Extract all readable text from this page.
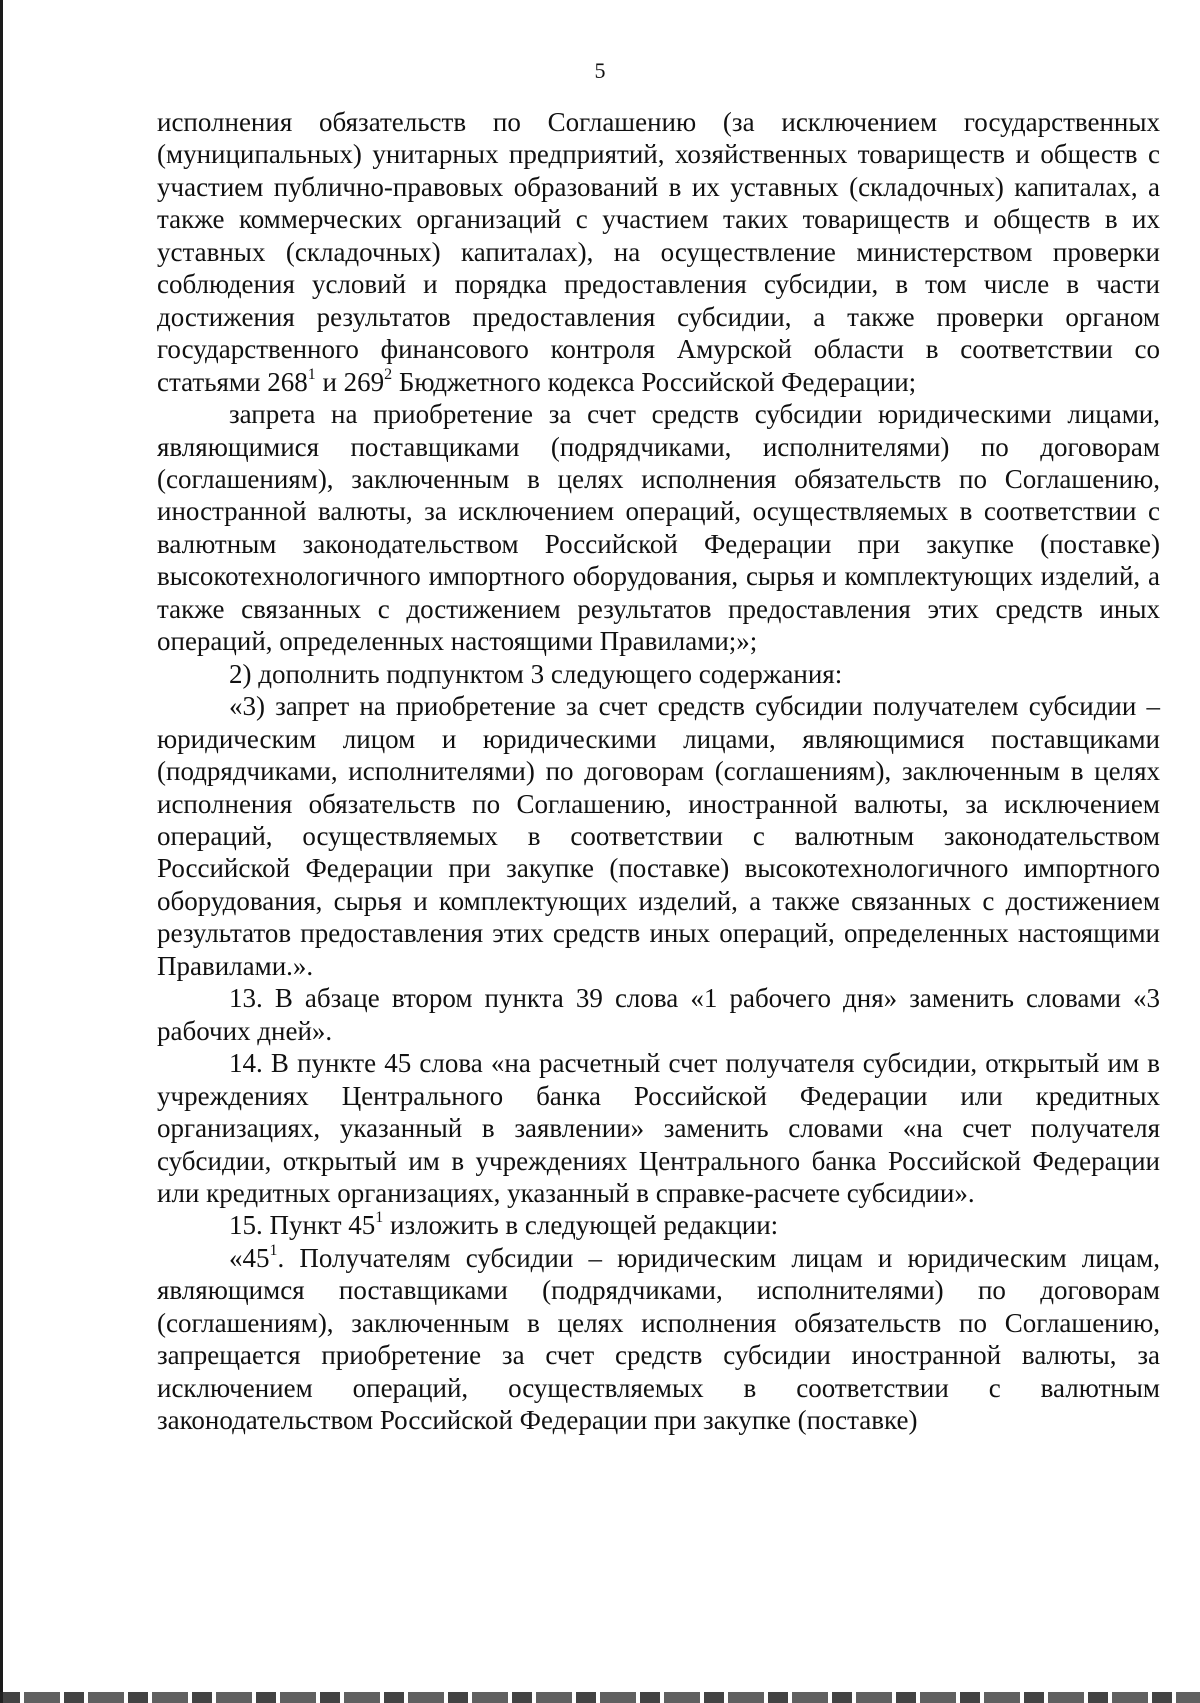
5

исполнения обязательств по Соглашению (за исключением государственных (муниципальных) унитарных предприятий, хозяйственных товариществ и обществ с участием публично-правовых образований в их уставных (складочных) капиталах, а также коммерческих организаций с участием таких товариществ и обществ в их уставных (складочных) капиталах), на осуществление министерством проверки соблюдения условий и порядка предоставления субсидии, в том числе в части достижения результатов предоставления субсидии, а также проверки органом государственного финансового контроля Амурской области в соответствии со статьями $268^1$ и $269^2$ Бюджетного кодекса Российской Федерации;

запрета на приобретение за счет средств субсидии юридическими лицами, являющимися поставщиками (подрядчиками, исполнителями) по договорам (соглашениям), заключенным в целях исполнения обязательств по Соглашению, иностранной валюты, за исключением операций, осуществляемых в соответствии с валютным законодательством Российской Федерации при закупке (поставке) высокотехнологичного импортного оборудования, сырья и комплектующих изделий, а также связанных с достижением результатов предоставления этих средств иных операций, определенных настоящими Правилами;»;

2) дополнить подпунктом 3 следующего содержания:

«3) запрет на приобретение за счет средств субсидии получателем субсидии – юридическим лицом и юридическими лицами, являющимися поставщиками (подрядчиками, исполнителями) по договорам (соглашениям), заключенным в целях исполнения обязательств по Соглашению, иностранной валюты, за исключением операций, осуществляемых в соответствии с валютным законодательством Российской Федерации при закупке (поставке) высокотехнологичного импортного оборудования, сырья и комплектующих изделий, а также связанных с достижением результатов предоставления этих средств иных операций, определенных настоящими Правилами.».

13. В абзаце втором пункта 39 слова «1 рабочего дня» заменить словами «3 рабочих дней».

14. В пункте 45 слова «на расчетный счет получателя субсидии, открытый им в учреждениях Центрального банка Российской Федерации или кредитных организациях, указанный в заявлении» заменить словами «на счет получателя субсидии, открытый им в учреждениях Центрального банка Российской Федерации или кредитных организациях, указанный в справке-расчете субсидии».

15. Пункт $45^1$ изложить в следующей редакции:

«$45^1$. Получателям субсидии – юридическим лицам и юридическим лицам, являющимся поставщиками (подрядчиками, исполнителями) по договорам (соглашениям), заключенным в целях исполнения обязательств по Соглашению, запрещается приобретение за счет средств субсидии иностранной валюты, за исключением операций, осуществляемых в соответствии с валютным законодательством Российской Федерации при закупке (поставке)
